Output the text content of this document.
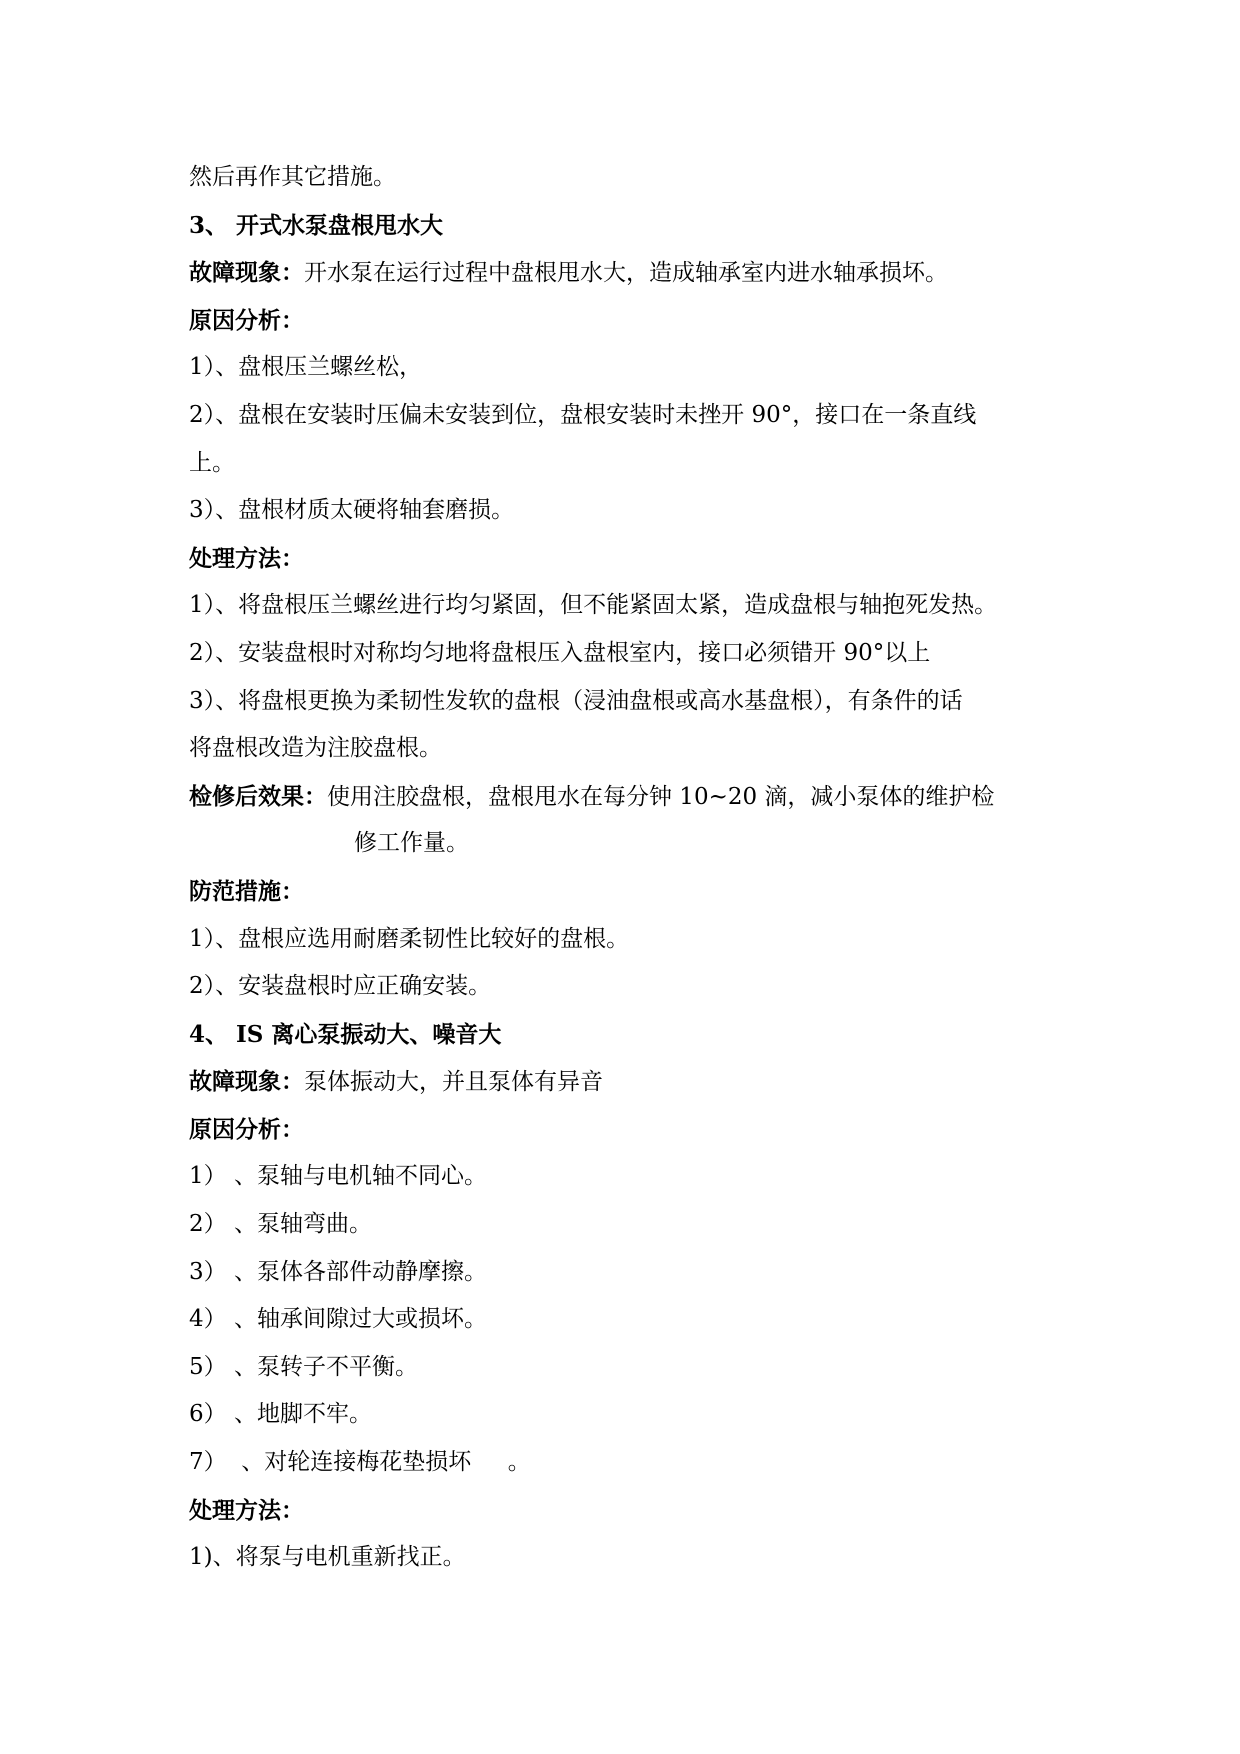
然后再作其它措施。
3、 开式水泵盘根甩水大
故障现象：开水泵在运行过程中盘根甩水大，造成轴承室内进水轴承损坏。
原因分析：
1）、盘根压兰螺丝松，
2）、盘根在安装时压偏未安装到位，盘根安装时未挫开 90°，接口在一条直线
上。
3）、盘根材质太硬将轴套磨损。
处理方法：
1）、将盘根压兰螺丝进行均匀紧固，但不能紧固太紧，造成盘根与轴抱死发热。
2）、安装盘根时对称均匀地将盘根压入盘根室内，接口必须错开 90°以上
3）、将盘根更换为柔韧性发软的盘根（浸油盘根或高水基盘根），有条件的话
将盘根改造为注胶盘根。
检修后效果：使用注胶盘根，盘根甩水在每分钟 10~20 滴，减小泵体的维护检
修工作量。
防范措施：
1）、盘根应选用耐磨柔韧性比较好的盘根。
2）、安装盘根时应正确安装。
4、 IS 离心泵振动大、噪音大
故障现象：泵体振动大，并且泵体有异音
原因分析：
1） 、泵轴与电机轴不同心。
2） 、泵轴弯曲。
3） 、泵体各部件动静摩擦。
4） 、轴承间隙过大或损坏。
5） 、泵转子不平衡。
6） 、地脚不牢。
7）  、对轮连接梅花垫损坏     。
处理方法：
1)、将泵与电机重新找正。
